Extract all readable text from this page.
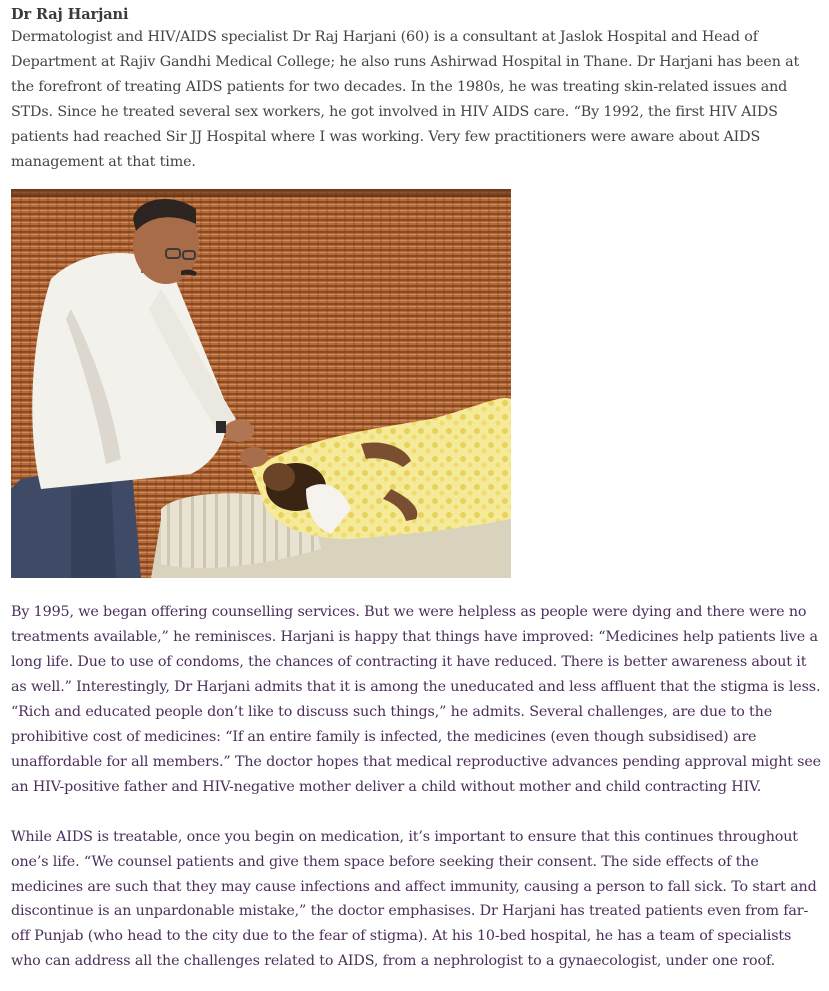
Dr Raj Harjani

Dermatologist and HIV/AIDS specialist Dr Raj Harjani (60) is a consultant at Jaslok Hospital and Head of Department at Rajiv Gandhi Medical College; he also runs Ashirwad Hospital in Thane. Dr Harjani has been at the forefront of treating AIDS patients for two decades. In the 1980s, he was treating skin-related issues and STDs. Since he treated several sex workers, he got involved in HIV AIDS care. “By 1992, the first HIV AIDS patients had reached Sir JJ Hospital where I was working. Very few practitioners were aware about AIDS management at that time.

By 1995, we began offering counselling services. But we were helpless as people were dying and there were no treatments available,” he reminisces. Harjani is happy that things have improved: “Medicines help patients live a long life. Due to use of condoms, the chances of contracting it have reduced. There is better awareness about it as well.” Interestingly, Dr Harjani admits that it is among the uneducated and less affluent that the stigma is less. “Rich and educated people don’t like to discuss such things,” he admits. Several challenges, are due to the prohibitive cost of medicines: “If an entire family is infected, the medicines (even though subsidised) are unaffordable for all members.” The doctor hopes that medical reproductive advances pending approval might see an HIV-positive father and HIV-negative mother deliver a child without mother and child contracting HIV.

While AIDS is treatable, once you begin on medication, it’s important to ensure that this continues throughout one’s life. “We counsel patients and give them space before seeking their consent. The side effects of the medicines are such that they may cause infections and affect immunity, causing a person to fall sick. To start and discontinue is an unpardonable mistake,” the doctor emphasises. Dr Harjani has treated patients even from far-off Punjab (who head to the city due to the fear of stigma). At his 10-bed hospital, he has a team of specialists who can address all the challenges related to AIDS, from a nephrologist to a gynaecologist, under one roof.
